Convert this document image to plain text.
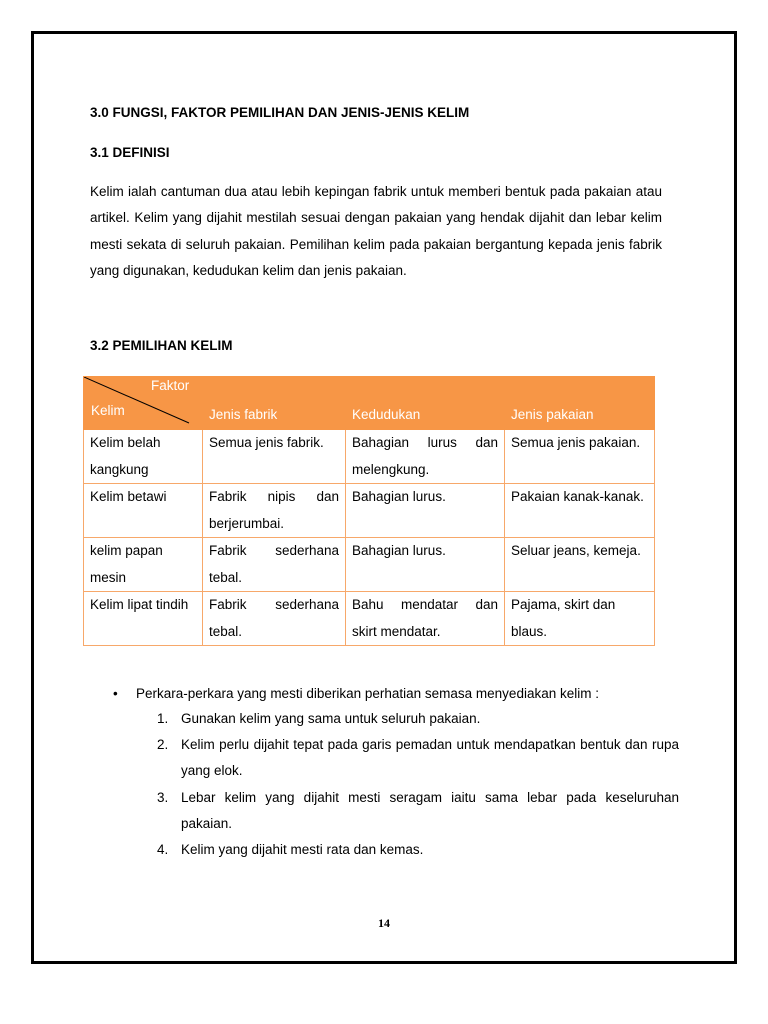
3.0 FUNGSI, FAKTOR PEMILIHAN DAN JENIS-JENIS KELIM
3.1 DEFINISI

Kelim ialah cantuman dua atau lebih kepingan fabrik untuk memberi bentuk pada pakaian atau artikel. Kelim yang dijahit mestilah sesuai dengan pakaian yang hendak dijahit dan lebar kelim mesti sekata di seluruh pakaian. Pemilihan kelim pada pakaian bergantung kepada jenis fabrik yang digunakan, kedudukan kelim dan jenis pakaian.

3.2 PEMILIHAN KELIM
Faktor
Kelim	Jenis fabrik	Kedudukan	Jenis pakaian
Kelim belah kangkung	Semua jenis fabrik.	Bahagian lurus dan melengkung.	Semua jenis pakaian.
Kelim betawi	Fabrik nipis dan berjerumbai.	Bahagian lurus.	Pakaian kanak-kanak.
kelim papan mesin	Fabrik sederhana tebal.	Bahagian lurus.	Seluar jeans, kemeja.
Kelim lipat tindih	Fabrik sederhana tebal.	Bahu mendatar dan skirt mendatar.	Pajama, skirt dan blaus.
• Perkara-perkara yang mesti diberikan perhatian semasa menyediakan kelim :
1. Gunakan kelim yang sama untuk seluruh pakaian.
2. Kelim perlu dijahit tepat pada garis pemadan untuk mendapatkan bentuk dan rupa yang elok.
3. Lebar kelim yang dijahit mesti seragam iaitu sama lebar pada keseluruhan pakaian.
4. Kelim yang dijahit mesti rata dan kemas.
14
